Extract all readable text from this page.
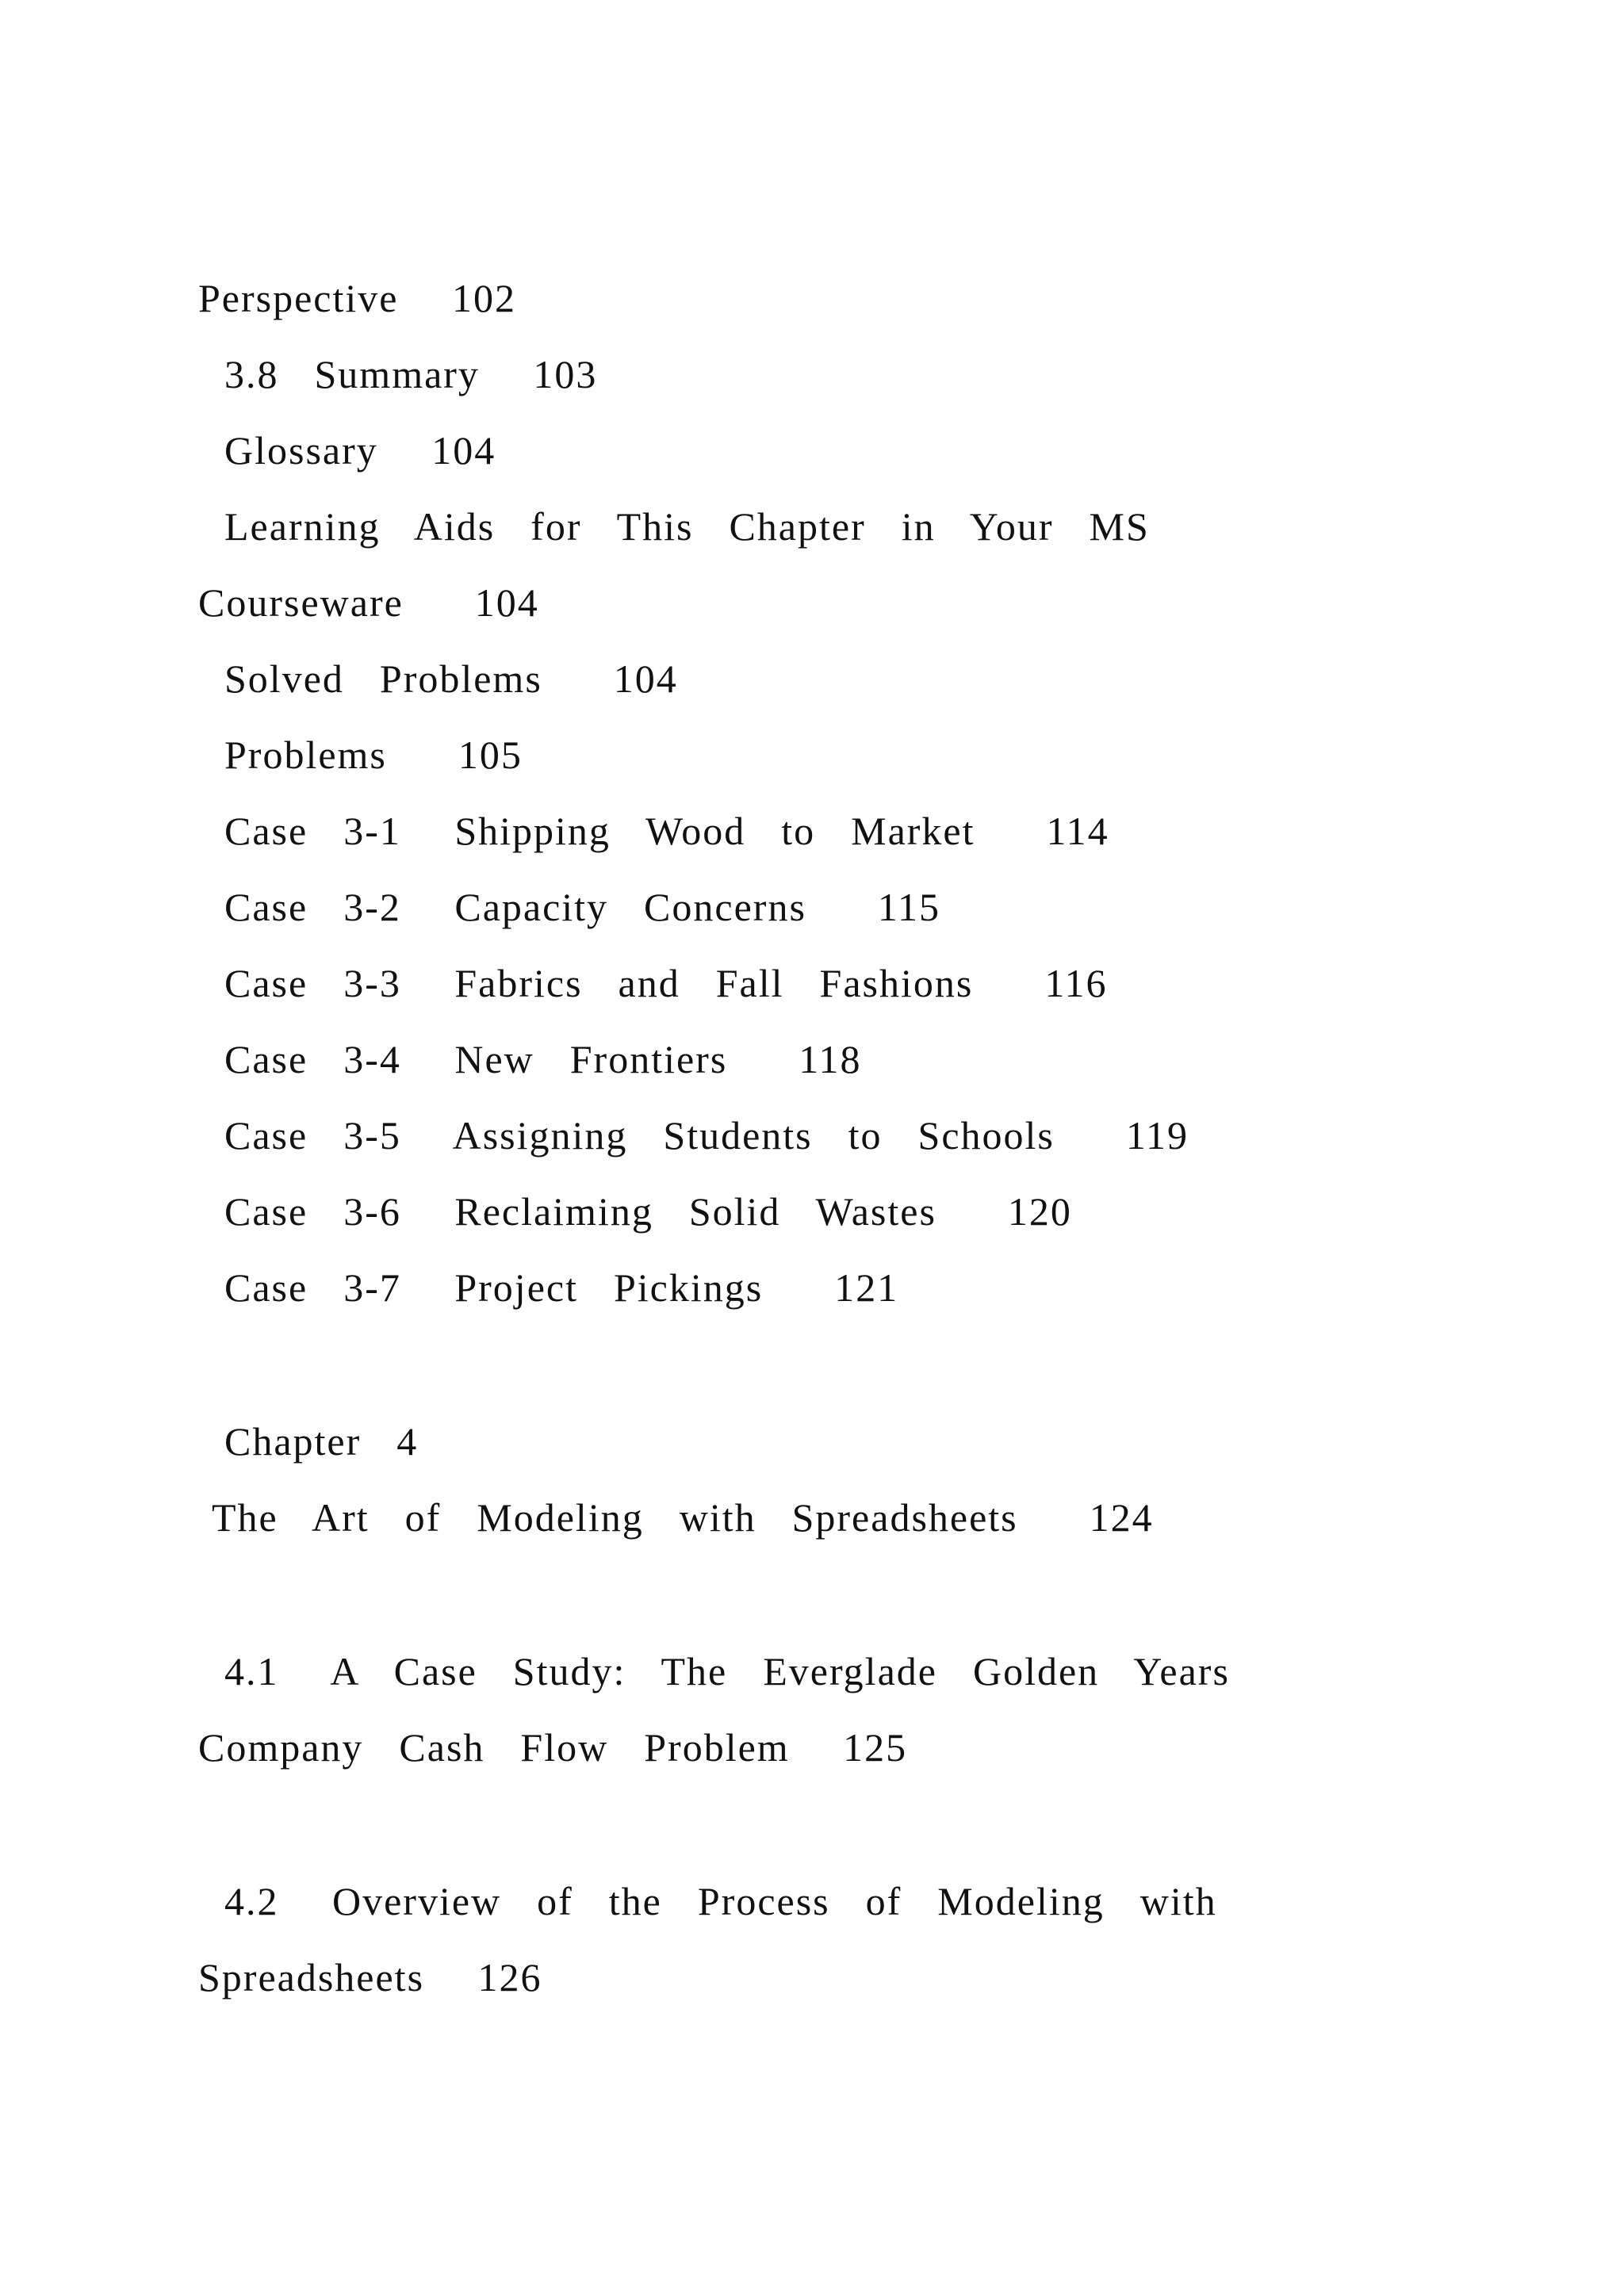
Perspective   102
3.8  Summary   103
Glossary   104
Learning  Aids  for  This  Chapter  in  Your  MS
Courseware    104
Solved  Problems    104
Problems    105
Case  3-1   Shipping  Wood  to  Market    114
Case  3-2   Capacity  Concerns    115
Case  3-3   Fabrics  and  Fall  Fashions    116
Case  3-4   New  Frontiers    118
Case  3-5   Assigning  Students  to  Schools    119
Case  3-6   Reclaiming  Solid  Wastes    120
Case  3-7   Project  Pickings    121
Chapter  4
The  Art  of  Modeling  with  Spreadsheets    124
4.1   A  Case  Study:  The  Everglade  Golden  Years
Company  Cash  Flow  Problem   125
4.2   Overview  of  the  Process  of  Modeling  with
Spreadsheets   126
